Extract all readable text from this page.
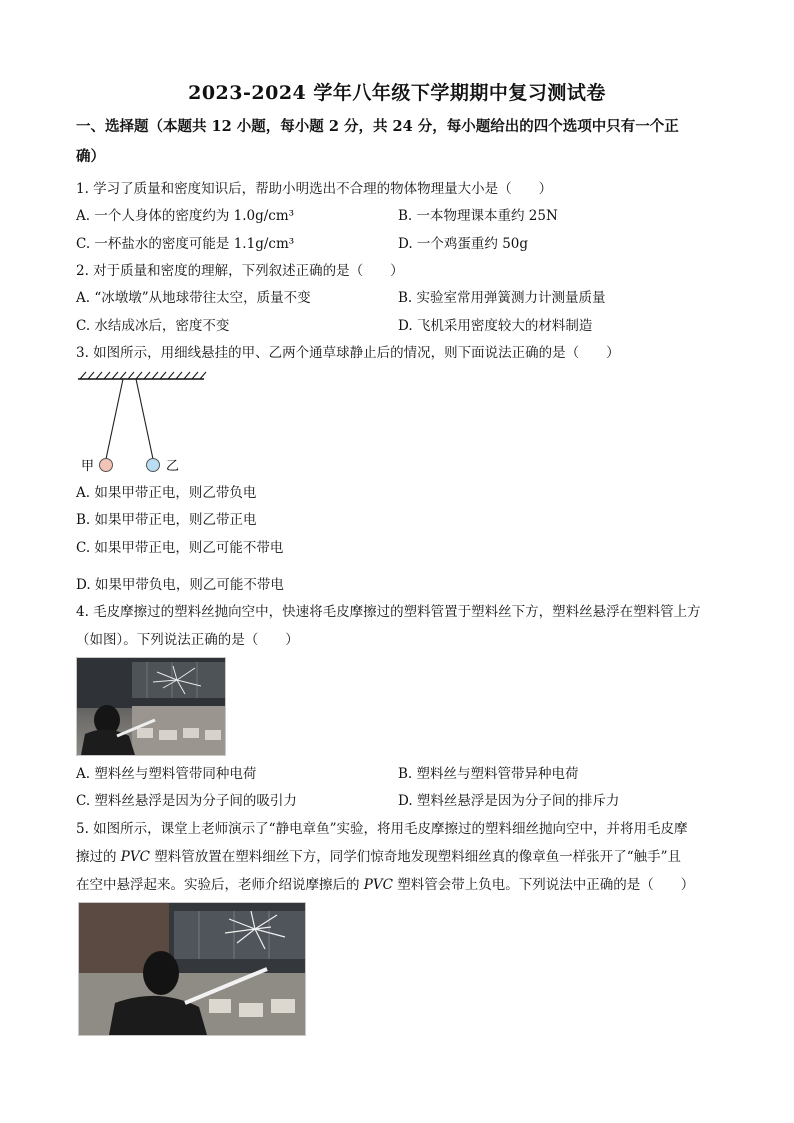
2023-2024 学年八年级下学期期中复习测试卷
一、选择题（本题共 12 小题，每小题 2 分，共 24 分，每小题给出的四个选项中只有一个正
确）
1. 学习了质量和密度知识后，帮助小明选出不合理的物体物理量大小是（　　）
A. 一个人身体的密度约为 1.0g/cm³	B. 一本物理课本重约 25N
C. 一杯盐水的密度可能是 1.1g/cm³	D. 一个鸡蛋重约 50g
2. 对于质量和密度的理解，下列叙述正确的是（　　）
A. “冰墩墩”从地球带往太空，质量不变	B. 实验室常用弹簧测力计测量质量
C. 水结成冰后，密度不变	D. 飞机采用密度较大的材料制造
3. 如图所示，用细线悬挂的甲、乙两个通草球静止后的情况，则下面说法正确的是（　　）
甲	乙
A. 如果甲带正电，则乙带负电
B. 如果甲带正电，则乙带正电
C. 如果甲带正电，则乙可能不带电
D. 如果甲带负电，则乙可能不带电
4. 毛皮摩擦过的塑料丝抛向空中，快速将毛皮摩擦过的塑料管置于塑料丝下方，塑料丝悬浮在塑料管上方
（如图）。下列说法正确的是（　　）
A. 塑料丝与塑料管带同种电荷	B. 塑料丝与塑料管带异种电荷
C. 塑料丝悬浮是因为分子间的吸引力	D. 塑料丝悬浮是因为分子间的排斥力
5. 如图所示，课堂上老师演示了“静电章鱼”实验，将用毛皮摩擦过的塑料细丝抛向空中，并将用毛皮摩
擦过的 PVC 塑料管放置在塑料细丝下方，同学们惊奇地发现塑料细丝真的像章鱼一样张开了“触手”且
在空中悬浮起来。实验后，老师介绍说摩擦后的 PVC 塑料管会带上负电。下列说法中正确的是（　　）
